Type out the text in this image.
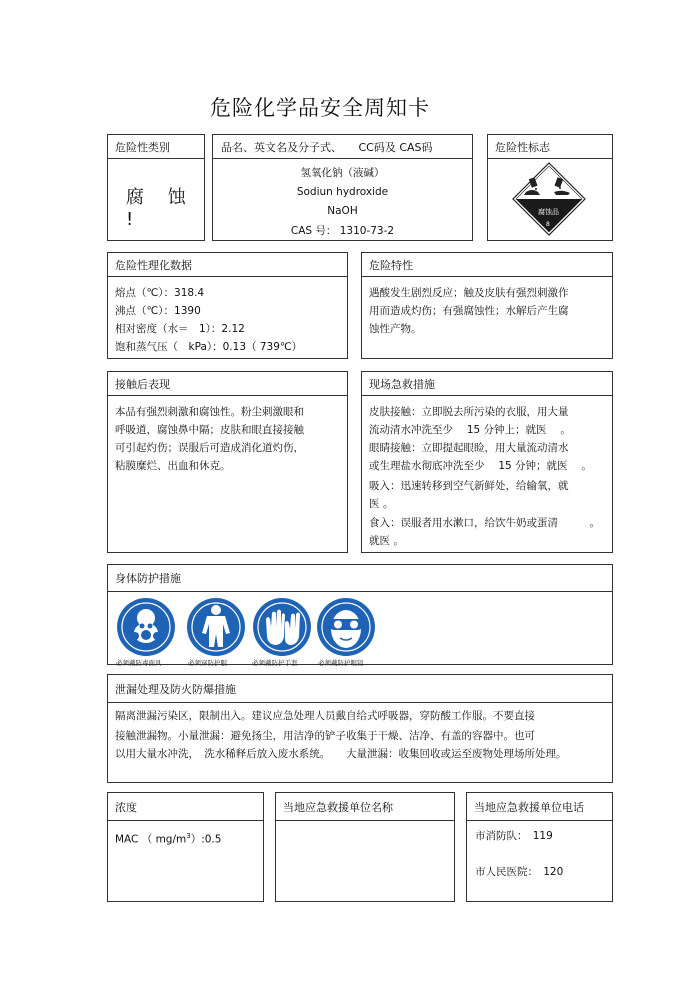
危险化学品安全周知卡
危险性类别
腐 蚀 !
品名、英文名及分子式、　　CC码及 CAS码
氢氧化钠（液碱）
Sodiun hydroxide
NaOH
CAS 号： 1310-73-2
危险性标志
腐蚀品
8
危险性理化数据
熔点（℃）：318.4
沸点（℃）：1390
相对密度（水＝　1）：2.12
饱和蒸气压（　kPa）：0.13（ 739℃）
危险特性
遇酸发生剧烈反应；触及皮肤有强烈刺激作
用而造成灼伤；有强腐蚀性；水解后产生腐
蚀性产物。
接触后表现
本品有强烈刺激和腐蚀性。粉尘刺激眼和
呼吸道，腐蚀鼻中隔；皮肤和眼直接接触
可引起灼伤；误服后可造成消化道灼伤，
粘膜糜烂、出血和休克。
现场急救措施
皮肤接触：立即脱去所污染的衣服，用大量
流动清水冲洗至少　 15 分钟上；就医　 。
眼睛接触：立即提起眼睑，用大量流动清水
或生理盐水彻底冲洗至少　 15 分钟；就医　 。
吸入：迅速转移到空气新鲜处，给输氧，就
医 。
食入：误服者用水漱口，给饮牛奶或蛋清　　　。
就医 。
身体防护措施
必须戴防毒面具	必须穿防护服	必须戴防护手套	必须戴防护眼镜
泄漏处理及防火防爆措施
隔离泄漏污染区，限制出入。建议应急处理人员戴自给式呼吸器，穿防酸工作服。不要直接
接触泄漏物。小量泄漏：避免扬尘，用洁净的铲子收集于干燥、洁净、有盖的容器中。也可
以用大量水冲洗，　洗水稀释后放入废水系统。　　大量泄漏：收集回收或运至废物处理场所处理。
浓度
MAC （ $mg/m^3):0.5$
当地应急救援单位名称	当地应急救援单位电话
市消防队：　119
市人民医院：　120
